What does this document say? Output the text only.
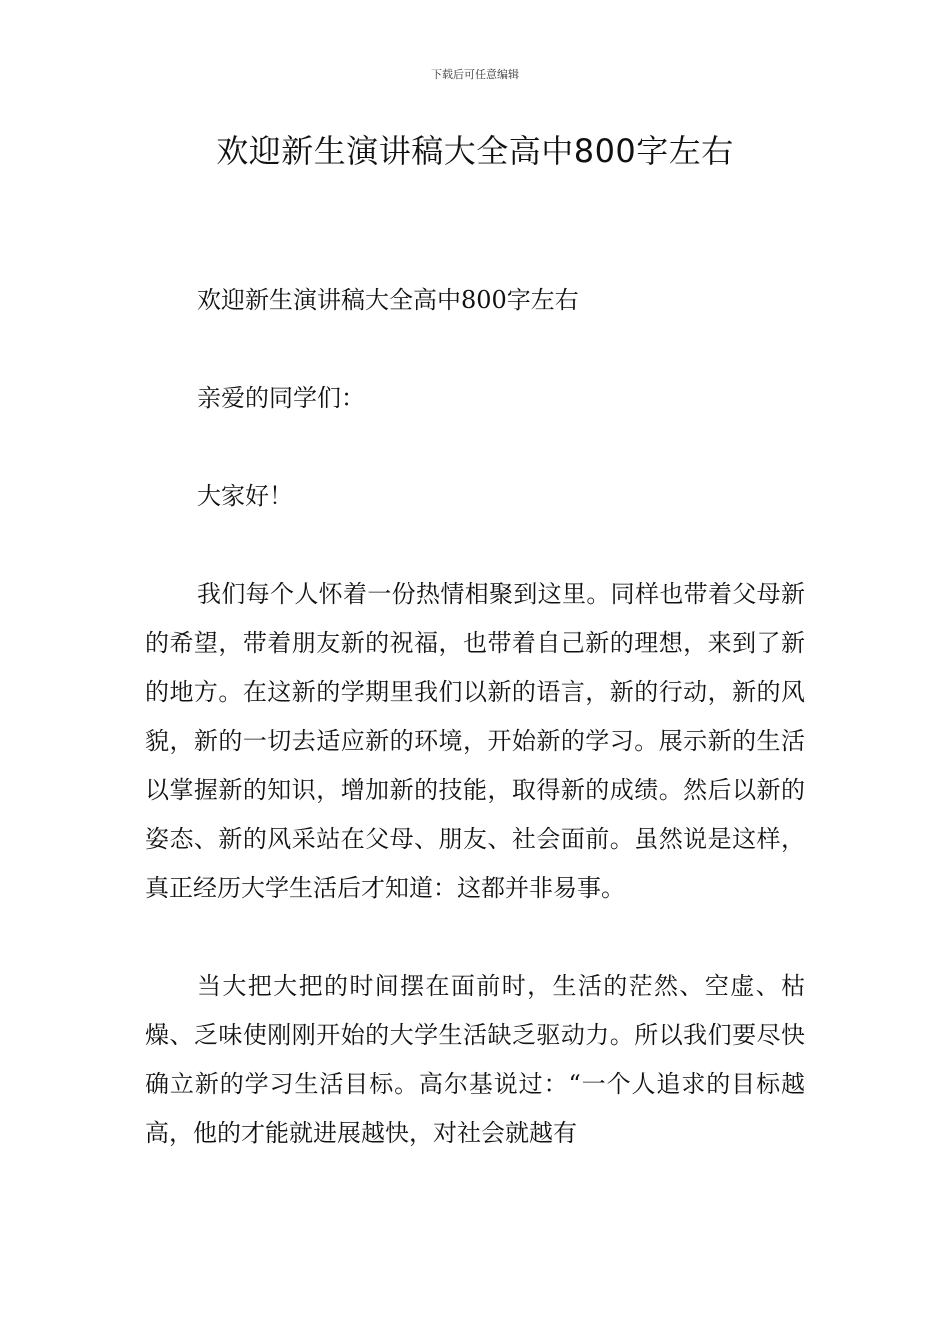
下载后可任意编辑
欢迎新生演讲稿大全高中800字左右

欢迎新生演讲稿大全高中800字左右

亲爱的同学们：

大家好！

我们每个人怀着一份热情相聚到这里。同样也带着父母新的希望，带着朋友新的祝福，也带着自己新的理想，来到了新的地方。在这新的学期里我们以新的语言，新的行动，新的风貌，新的一切去适应新的环境，开始新的学习。展示新的生活以掌握新的知识，增加新的技能，取得新的成绩。然后以新的姿态、新的风采站在父母、朋友、社会面前。虽然说是这样，真正经历大学生活后才知道：这都并非易事。

当大把大把的时间摆在面前时，生活的茫然、空虚、枯燥、乏味使刚刚开始的大学生活缺乏驱动力。所以我们要尽快确立新的学习生活目标。高尔基说过：“一个人追求的目标越高，他的才能就进展越快，对社会就越有
